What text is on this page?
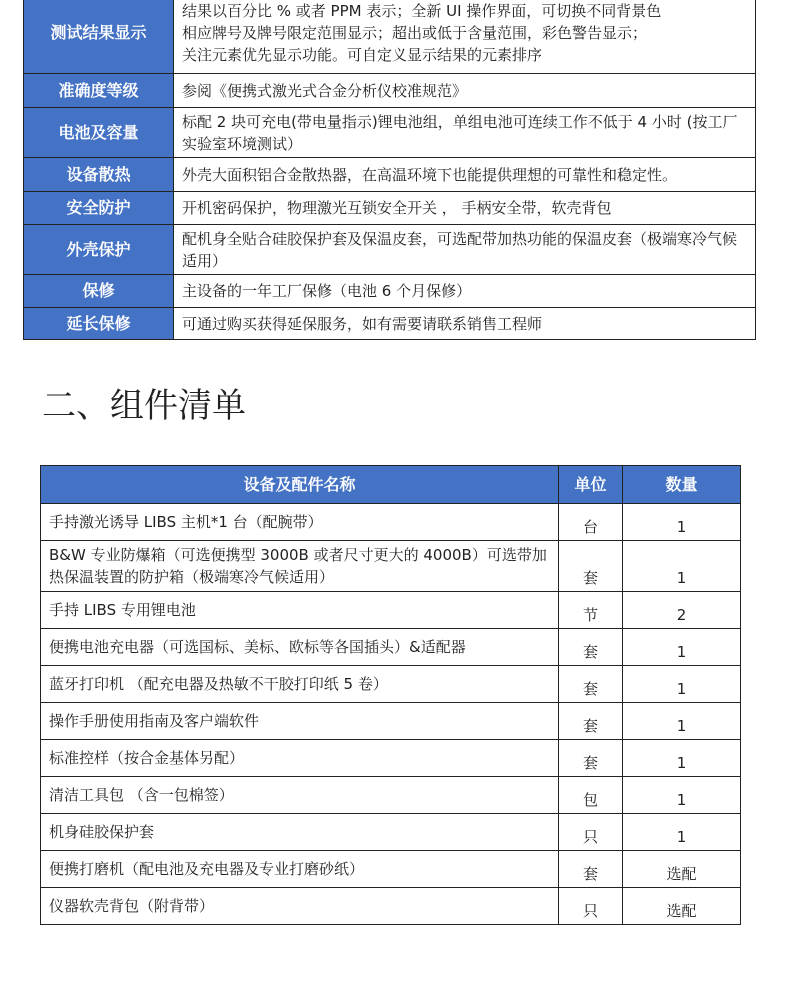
测试结果显示	结果以百分比 % 或者 PPM 表示；全新 UI 操作界面，可切换不同背景色
相应牌号及牌号限定范围显示；超出或低于含量范围，彩色警告显示；
关注元素优先显示功能。可自定义显示结果的元素排序

准确度等级	参阅《便携式激光式合金分析仪校准规范》

电池及容量	标配 2 块可充电(带电量指示)锂电池组，单组电池可连续工作不低于 4 小时 (按工厂实验室环境测试）

设备散热	外壳大面积铝合金散热器，在高温环境下也能提供理想的可靠性和稳定性。

安全防护	开机密码保护，物理激光互锁安全开关 ， 手柄安全带，软壳背包

外壳保护	配机身全贴合硅胶保护套及保温皮套，可选配带加热功能的保温皮套（极端寒冷气候适用）

保修	主设备的一年工厂保修（电池 6 个月保修）

延长保修	可通过购买获得延保服务，如有需要请联系销售工程师
二、组件清单
设备及配件名称	单位	数量
手持激光诱导 LIBS 主机*1 台（配腕带）	台	1
B&W 专业防爆箱（可选便携型 3000B 或者尺寸更大的 4000B）可选带加热保温装置的防护箱（极端寒冷气候适用）	套	1
手持 LIBS 专用锂电池	节	2
便携电池充电器（可选国标、美标、欧标等各国插头）&适配器	套	1
蓝牙打印机 （配充电器及热敏不干胶打印纸 5 卷）	套	1
操作手册使用指南及客户端软件	套	1
标准控样（按合金基体另配）	套	1
清洁工具包 （含一包棉签）	包	1
机身硅胶保护套	只	1
便携打磨机（配电池及充电器及专业打磨砂纸）	套	选配
仪器软壳背包（附背带）	只	选配
